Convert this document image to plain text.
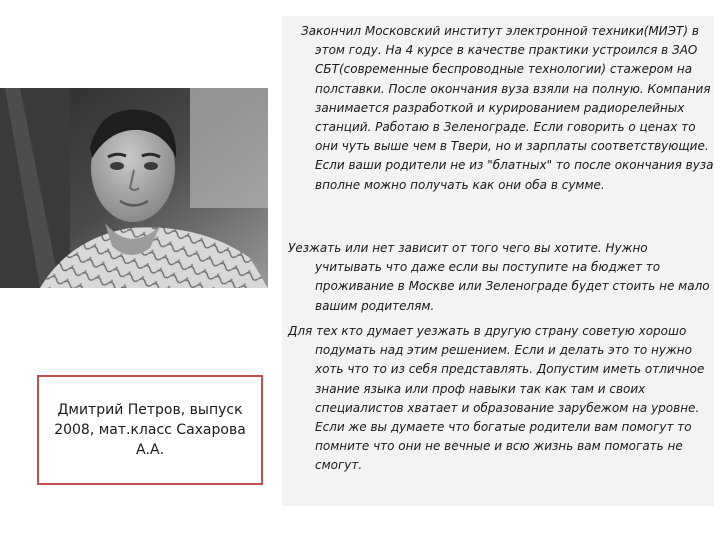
Дмитрий Петров, выпуск 2008, мат.класс Сахарова А.А.

Закончил Московский институт электронной техники(МИЭТ) в этом году. На 4 курсе в качестве практики устроился в ЗАО СБТ(современные беспроводные технологии) стажером на полставки. После окончания вуза взяли на полную. Компания занимается разработкой и курированием радиорелейных станций. Работаю в Зеленограде. Если говорить о ценах то они чуть выше чем в Твери, но и зарплаты соответствующие. Если ваши родители не из "блатных" то после окончания вуза вполне можно получать как они оба в сумме.

Уезжать или нет зависит от того чего вы хотите. Нужно учитывать что даже если вы поступите на бюджет то проживание в Москве или Зеленограде будет стоить не мало вашим родителям.

Для тех кто думает уезжать в другую страну советую хорошо подумать над этим решением. Если и делать это то нужно хоть что то из себя представлять. Допустим иметь отличное знание языка или проф навыки так как там и своих специалистов хватает и образование зарубежом на уровне. Если же вы думаете что богатые родители вам помогут то помните что они не вечные и всю жизнь вам помогать не смогут.
